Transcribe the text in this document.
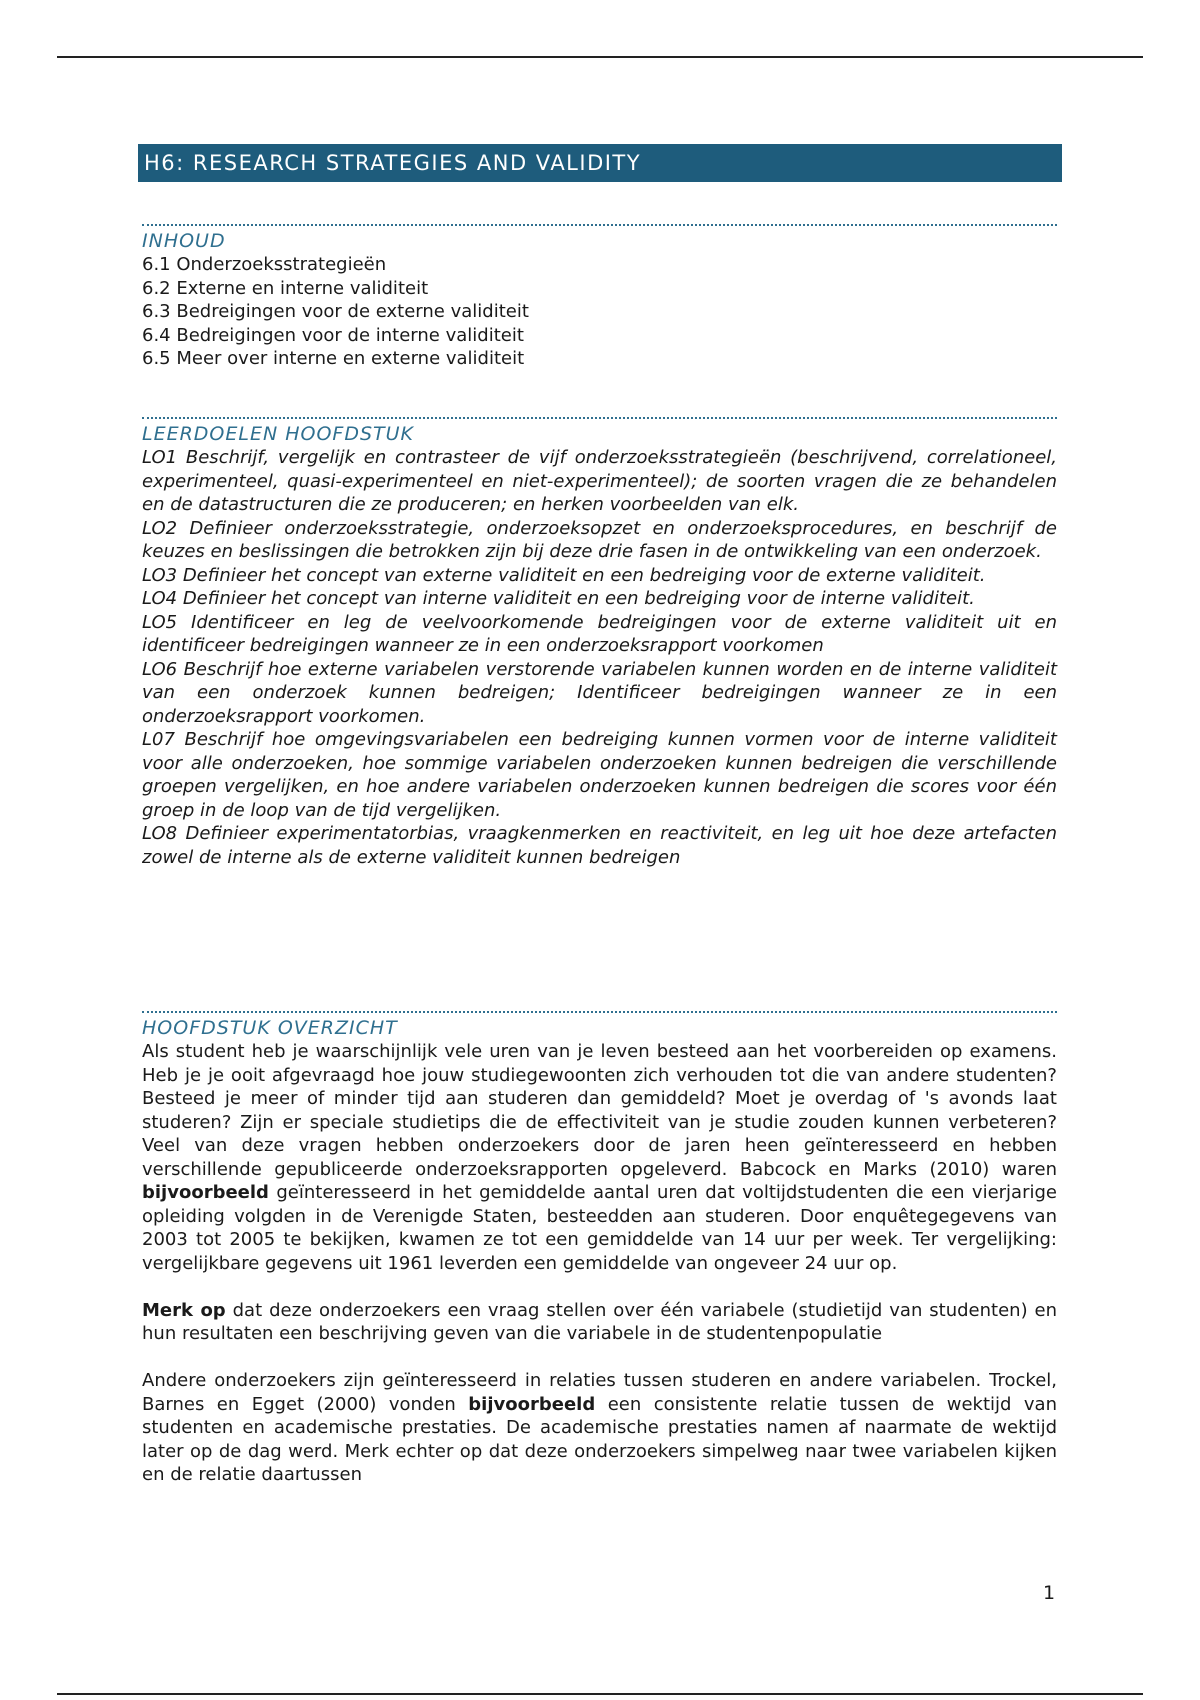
H6: RESEARCH STRATEGIES AND VALIDITY
INHOUD
6.1 Onderzoeksstrategieën
6.2 Externe en interne validiteit
6.3 Bedreigingen voor de externe validiteit
6.4 Bedreigingen voor de interne validiteit
6.5 Meer over interne en externe validiteit
LEERDOELEN HOOFDSTUK
LO1 Beschrijf, vergelijk en contrasteer de vijf onderzoeksstrategieën (beschrijvend, correlationeel, experimenteel, quasi-experimenteel en niet-experimenteel); de soorten vragen die ze behandelen en de datastructuren die ze produceren; en herken voorbeelden van elk.
LO2 Definieer onderzoeksstrategie, onderzoeksopzet en onderzoeksprocedures, en beschrijf de keuzes en beslissingen die betrokken zijn bij deze drie fasen in de ontwikkeling van een onderzoek.
LO3 Definieer het concept van externe validiteit en een bedreiging voor de externe validiteit.
LO4 Definieer het concept van interne validiteit en een bedreiging voor de interne validiteit.
LO5 Identificeer en leg de veelvoorkomende bedreigingen voor de externe validiteit uit en identificeer bedreigingen wanneer ze in een onderzoeksrapport voorkomen
LO6 Beschrijf hoe externe variabelen verstorende variabelen kunnen worden en de interne validiteit van een onderzoek kunnen bedreigen; Identificeer bedreigingen wanneer ze in een onderzoeksrapport voorkomen.
L07 Beschrijf hoe omgevingsvariabelen een bedreiging kunnen vormen voor de interne validiteit voor alle onderzoeken, hoe sommige variabelen onderzoeken kunnen bedreigen die verschillende groepen vergelijken, en hoe andere variabelen onderzoeken kunnen bedreigen die scores voor één groep in de loop van de tijd vergelijken.
LO8 Definieer experimentatorbias, vraagkenmerken en reactiviteit, en leg uit hoe deze artefacten zowel de interne als de externe validiteit kunnen bedreigen
HOOFDSTUK OVERZICHT

Als student heb je waarschijnlijk vele uren van je leven besteed aan het voorbereiden op examens. Heb je je ooit afgevraagd hoe jouw studiegewoonten zich verhouden tot die van andere studenten? Besteed je meer of minder tijd aan studeren dan gemiddeld? Moet je overdag of 's avonds laat studeren? Zijn er speciale studietips die de effectiviteit van je studie zouden kunnen verbeteren? Veel van deze vragen hebben onderzoekers door de jaren heen geïnteresseerd en hebben verschillende gepubliceerde onderzoeksrapporten opgeleverd. Babcock en Marks (2010) waren bijvoorbeeld geïnteresseerd in het gemiddelde aantal uren dat voltijdstudenten die een vierjarige opleiding volgden in de Verenigde Staten, besteedden aan studeren. Door enquêtegegevens van 2003 tot 2005 te bekijken, kwamen ze tot een gemiddelde van 14 uur per week. Ter vergelijking: vergelijkbare gegevens uit 1961 leverden een gemiddelde van ongeveer 24 uur op.

Merk op dat deze onderzoekers een vraag stellen over één variabele (studietijd van studenten) en hun resultaten een beschrijving geven van die variabele in de studentenpopulatie

Andere onderzoekers zijn geïnteresseerd in relaties tussen studeren en andere variabelen. Trockel, Barnes en Egget (2000) vonden bijvoorbeeld een consistente relatie tussen de wektijd van studenten en academische prestaties. De academische prestaties namen af naarmate de wektijd later op de dag werd. Merk echter op dat deze onderzoekers simpelweg naar twee variabelen kijken en de relatie daartussen

1
